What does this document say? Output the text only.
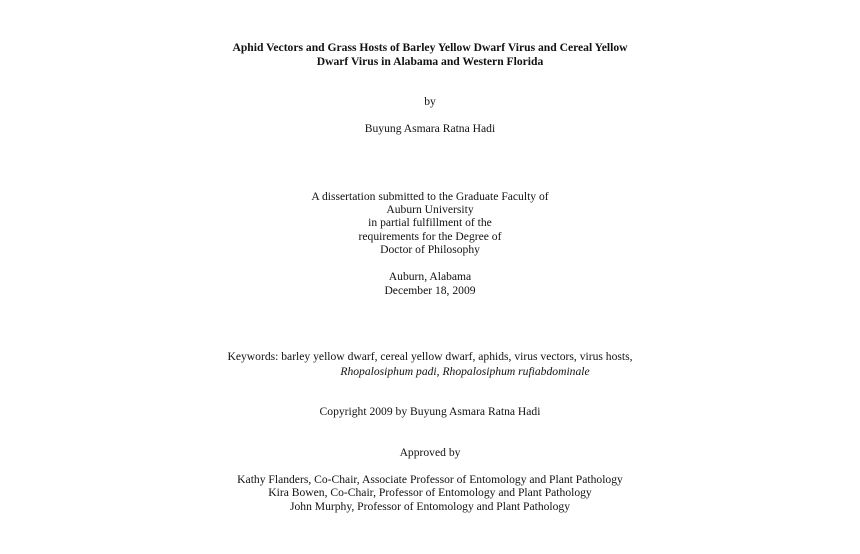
Aphid Vectors and Grass Hosts of Barley Yellow Dwarf Virus and Cereal Yellow
Dwarf Virus in Alabama and Western Florida
by
Buyung Asmara Ratna Hadi
A dissertation submitted to the Graduate Faculty of
Auburn University
in partial fulfillment of the
requirements for the Degree of
Doctor of Philosophy
Auburn, Alabama
December 18, 2009
Keywords: barley yellow dwarf, cereal yellow dwarf, aphids, virus vectors, virus hosts,
Rhopalosiphum padi, Rhopalosiphum rufiabdominale
Copyright 2009 by Buyung Asmara Ratna Hadi
Approved by
Kathy Flanders, Co-Chair, Associate Professor of Entomology and Plant Pathology
Kira Bowen, Co-Chair, Professor of Entomology and Plant Pathology
John Murphy, Professor of Entomology and Plant Pathology
